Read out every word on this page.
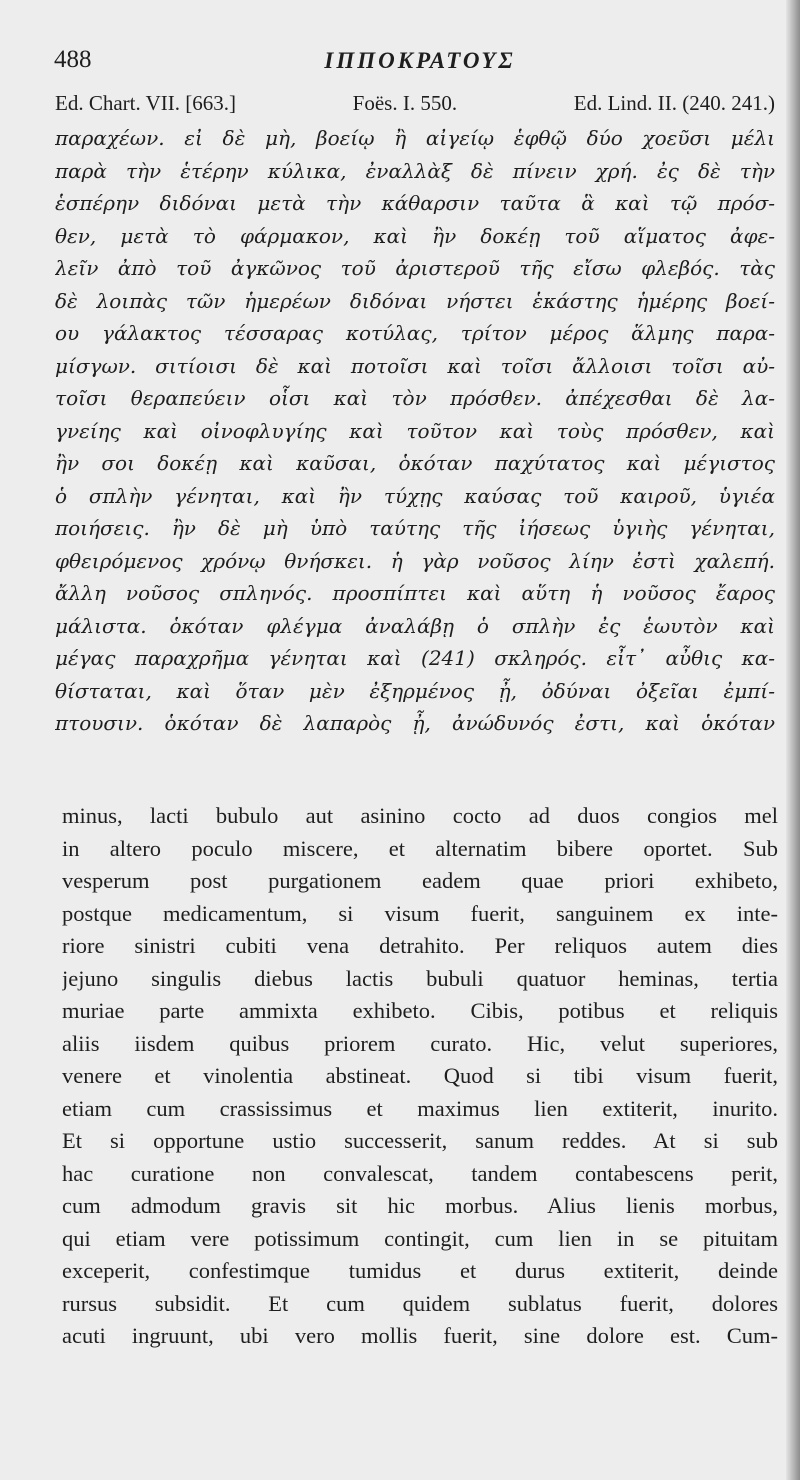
488	ΙΠΠΟΚΡΑΤΟΥΣ
Ed. Chart. VII. [663.]	Foës. I. 550.	Ed. Lind. II. (240. 241.)
παραχέων. εἰ δὲ μὴ, βοείῳ ἢ αἰγείῳ ἑφθῷ δύο χοεῦσι μέλι
παρὰ τὴν ἑτέρην κύλικα, ἐναλλὰξ δὲ πίνειν χρή. ἐς δὲ τὴν
ἑσπέρην διδόναι μετὰ τὴν κάθαρσιν ταῦτα ἃ καὶ τῷ πρόσ-
θεν, μετὰ τὸ φάρμακον, καὶ ἢν δοκέῃ τοῦ αἵματος ἀφε-
λεῖν ἀπὸ τοῦ ἀγκῶνος τοῦ ἀριστεροῦ τῆς εἴσω φλεβός. τὰς
δὲ λοιπὰς τῶν ἡμερέων διδόναι νήστει ἑκάστης ἡμέρης βοεί-
ου γάλακτος τέσσαρας κοτύλας, τρίτον μέρος ἅλμης παρα-
μίσγων. σιτίοισι δὲ καὶ ποτοῖσι καὶ τοῖσι ἄλλοισι τοῖσι αὐ-
τοῖσι θεραπεύειν οἷσι καὶ τὸν πρόσθεν. ἀπέχεσθαι δὲ λα-
γνείης καὶ οἰνοφλυγίης καὶ τοῦτον καὶ τοὺς πρόσθεν, καὶ
ἢν σοι δοκέῃ καὶ καῦσαι, ὁκόταν παχύτατος καὶ μέγιστος
ὁ σπλὴν γένηται, καὶ ἢν τύχῃς καύσας τοῦ καιροῦ, ὑγιέα
ποιήσεις. ἢν δὲ μὴ ὑπὸ ταύτης τῆς ἰήσεως ὑγιὴς γένηται,
φθειρόμενος χρόνῳ θνήσκει. ἡ γὰρ νοῦσος λίην ἐστὶ χαλεπή.
ἄλλη νοῦσος σπληνός. προσπίπτει καὶ αὕτη ἡ νοῦσος ἔαρος
μάλιστα. ὁκόταν φλέγμα ἀναλάβῃ ὁ σπλὴν ἐς ἑωυτὸν καὶ
μέγας παραχρῆμα γένηται καὶ (241) σκληρός. εἶτ᾽ αὖθις κα-
θίσταται, καὶ ὅταν μὲν ἐξηρμένος ᾖ, ὀδύναι ὀξεῖαι ἐμπί-
πτουσιν. ὁκόταν δὲ λαπαρὸς ᾖ, ἀνώδυνός ἐστι, καὶ ὁκόταν
minus, lacti bubulo aut asinino cocto ad duos congios mel
in altero poculo miscere, et alternatim bibere oportet. Sub
vesperum post purgationem eadem quae priori exhibeto,
postque medicamentum, si visum fuerit, sanguinem ex inte-
riore sinistri cubiti vena detrahito. Per reliquos autem dies
jejuno singulis diebus lactis bubuli quatuor heminas, tertia
muriae parte ammixta exhibeto. Cibis, potibus et reliquis
aliis iisdem quibus priorem curato. Hic, velut superiores,
venere et vinolentia abstineat. Quod si tibi visum fuerit,
etiam cum crassissimus et maximus lien extiterit, inurito.
Et si opportune ustio successerit, sanum reddes. At si sub
hac curatione non convalescat, tandem contabescens perit,
cum admodum gravis sit hic morbus. Alius lienis morbus,
qui etiam vere potissimum contingit, cum lien in se pituitam
exceperit, confestimque tumidus et durus extiterit, deinde
rursus subsidit. Et cum quidem sublatus fuerit, dolores
acuti ingruunt, ubi vero mollis fuerit, sine dolore est. Cum-
